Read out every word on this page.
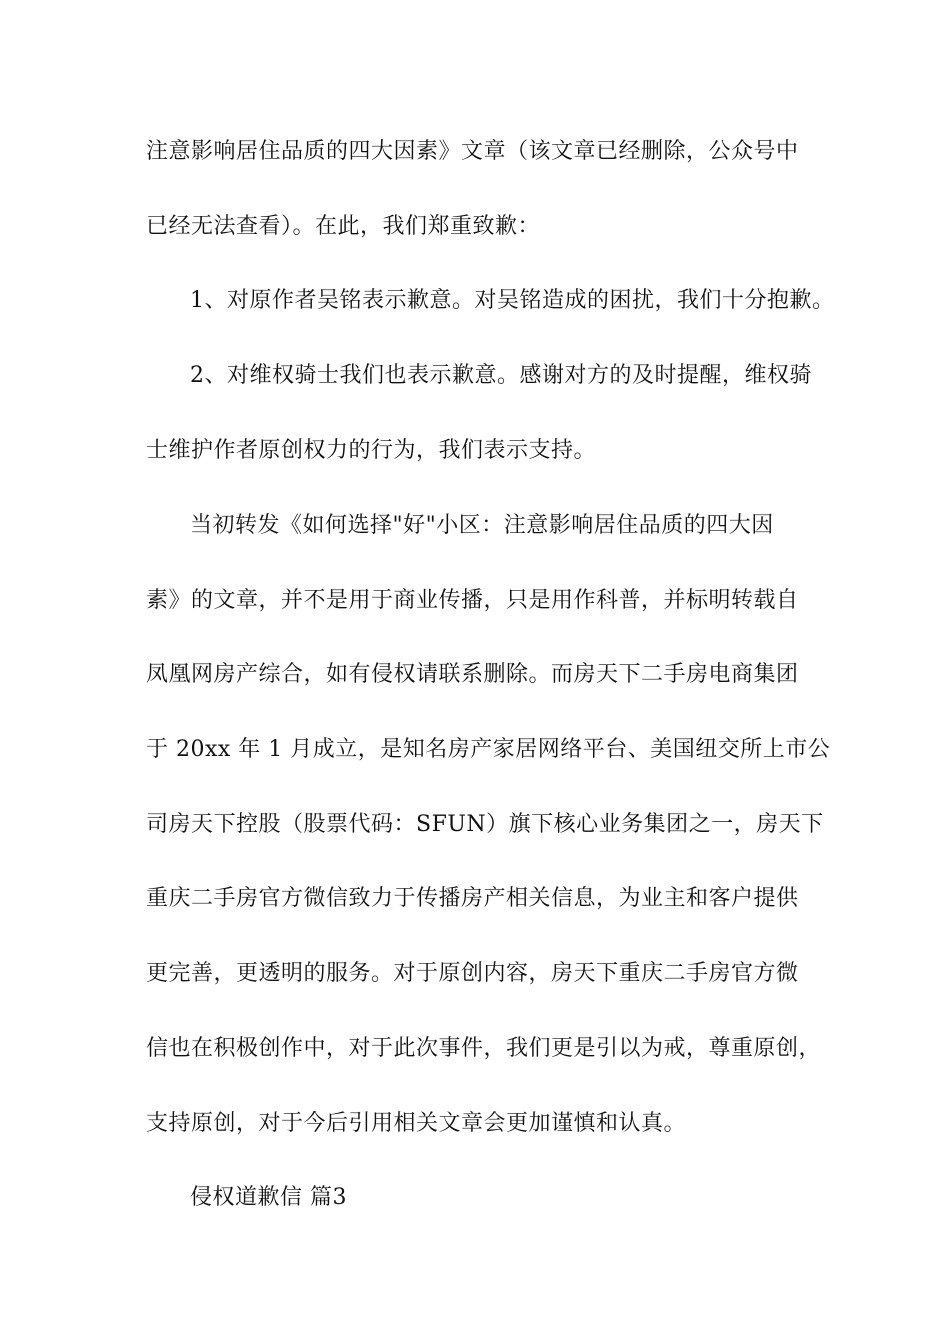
注意影响居住品质的四大因素》文章（该文章已经删除，公众号中
已经无法查看）。在此，我们郑重致歉：
1、对原作者吴铭表示歉意。对吴铭造成的困扰，我们十分抱歉。
2、对维权骑士我们也表示歉意。感谢对方的及时提醒，维权骑
士维护作者原创权力的行为，我们表示支持。
当初转发《如何选择"好"小区：注意影响居住品质的四大因
素》的文章，并不是用于商业传播，只是用作科普，并标明转载自
凤凰网房产综合，如有侵权请联系删除。而房天下二手房电商集团
于 20xx 年 1 月成立，是知名房产家居网络平台、美国纽交所上市公
司房天下控股（股票代码：SFUN）旗下核心业务集团之一，房天下
重庆二手房官方微信致力于传播房产相关信息，为业主和客户提供
更完善，更透明的服务。对于原创内容，房天下重庆二手房官方微
信也在积极创作中，对于此次事件，我们更是引以为戒，尊重原创，
支持原创，对于今后引用相关文章会更加谨慎和认真。
侵权道歉信 篇3
